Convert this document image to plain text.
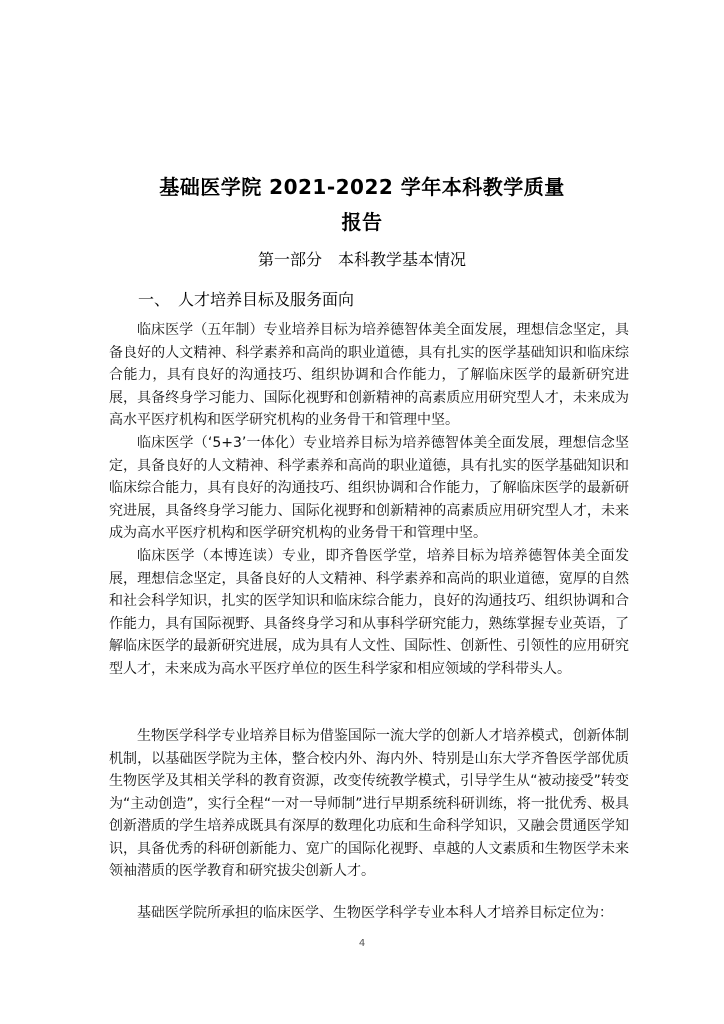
基础医学院 2021-2022 学年本科教学质量
报告
第一部分　本科教学基本情况
一、　人才培养目标及服务面向

临床医学（五年制）专业培养目标为培养德智体美全面发展，理想信念坚定，具备良好的人文精神、科学素养和高尚的职业道德，具有扎实的医学基础知识和临床综合能力，具有良好的沟通技巧、组织协调和合作能力，了解临床医学的最新研究进展，具备终身学习能力、国际化视野和创新精神的高素质应用研究型人才，未来成为高水平医疗机构和医学研究机构的业务骨干和管理中坚。

临床医学（‘5+3’一体化）专业培养目标为培养德智体美全面发展，理想信念坚定，具备良好的人文精神、科学素养和高尚的职业道德，具有扎实的医学基础知识和临床综合能力，具有良好的沟通技巧、组织协调和合作能力，了解临床医学的最新研究进展，具备终身学习能力、国际化视野和创新精神的高素质应用研究型人才，未来成为高水平医疗机构和医学研究机构的业务骨干和管理中坚。

临床医学（本博连读）专业，即齐鲁医学堂，培养目标为培养德智体美全面发展，理想信念坚定，具备良好的人文精神、科学素养和高尚的职业道德，宽厚的自然和社会科学知识，扎实的医学知识和临床综合能力，良好的沟通技巧、组织协调和合作能力，具有国际视野、具备终身学习和从事科学研究能力，熟练掌握专业英语，了解临床医学的最新研究进展，成为具有人文性、国际性、创新性、引领性的应用研究型人才，未来成为高水平医疗单位的医生科学家和相应领域的学科带头人。

生物医学科学专业培养目标为借鉴国际一流大学的创新人才培养模式，创新体制机制，以基础医学院为主体，整合校内外、海内外、特别是山东大学齐鲁医学部优质生物医学及其相关学科的教育资源，改变传统教学模式，引导学生从“被动接受”转变为“主动创造”，实行全程“一对一导师制”进行早期系统科研训练，将一批优秀、极具创新潜质的学生培养成既具有深厚的数理化功底和生命科学知识，又融会贯通医学知识，具备优秀的科研创新能力、宽广的国际化视野、卓越的人文素质和生物医学未来领袖潜质的医学教育和研究拔尖创新人才。

基础医学院所承担的临床医学、生物医学科学专业本科人才培养目标定位为：

4
